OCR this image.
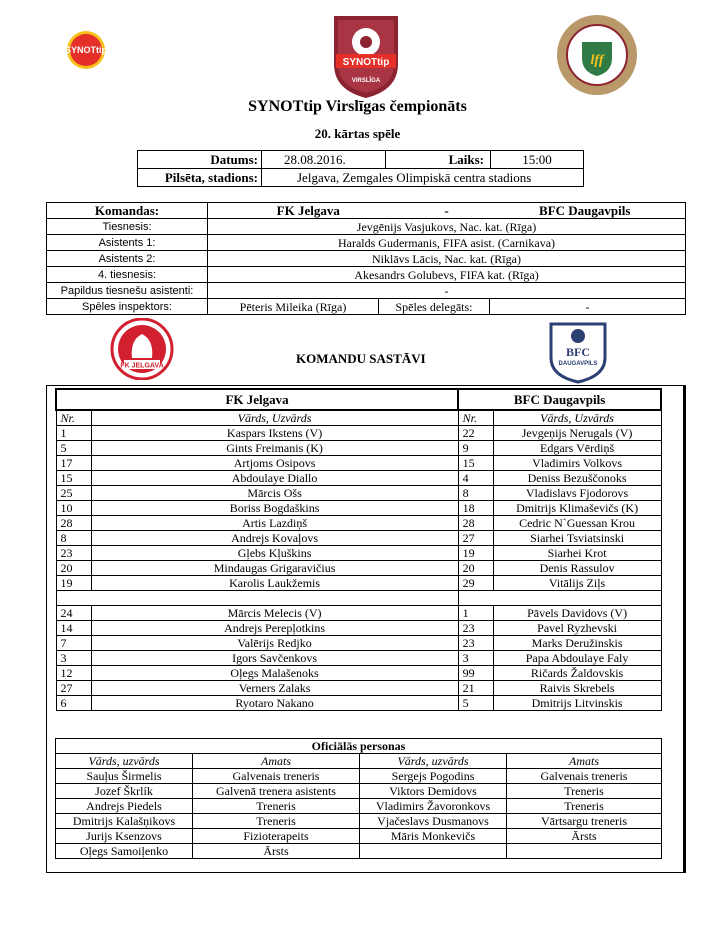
SYNOTtip
SYNOTtip
VIRSLĪGA
lff
SYNOTtip Virslīgas čempionāts
20. kārtas spēle
Datums:	28.08.2016.	Laiks:	15:00
Pilsēta, stadions:	Jelgava, Zemgales Olimpiskā centra stadions		
Komandas:	FK Jelgava - BFC Daugavpils		
Tiesnesis:	Jevgēnijs Vasjukovs, Nac. kat. (Rīga)		
Asistents 1:	Haralds Gudermanis, FIFA asist. (Carnikava)		
Asistents 2:	Niklāvs Lācis, Nac. kat. (Rīga)		
4. tiesnesis:	Akesandrs Golubevs, FIFA kat. (Rīga)		
Papildus tiesnešu asistenti:	-		
Spēles inspektors:	Pēteris Mileika (Rīga)	Spēles delegāts:	-
FK JELGAVA	KOMANDU SASTĀVI	BFC
DAUGAVPILS
FK Jelgava		BFC Daugavpils	
Nr.	Vārds, Uzvārds	Nr.	Vārds, Uzvārds
1	Kaspars Ikstens (V)	22	Jevgeņijs Nerugals (V)
5	Gints Freimanis (K)	9	Edgars Vērdiņš
17	Artjoms Osipovs	15	Vladimirs Volkovs
15	Abdoulaye Diallo	4	Deniss Bezuščonoks
25	Mārcis Ošs	8	Vladislavs Fjodorovs
10	Boriss Bogdaškins	18	Dmitrijs Klimaševičs (K)
28	Artis Lazdiņš	28	Cedric N`Guessan Krou
8	Andrejs Kovaļovs	27	Siarhei Tsviatsinski
23	Gļebs Kļuškins	19	Siarhei Krot
20	Mindaugas Grigaravičius	20	Denis Rassulov
19	Karolis Laukžemis	29	Vitālijs Ziļs

24	Mārcis Melecis (V)	1	Pāvels Davidovs (V)
14	Andrejs Perepļotkins	23	Pavel Ryzhevski
7	Valērijs Redjko	23	Marks Deružinskis
3	Igors Savčenkovs	3	Papa Abdoulaye Faly
12	Oļegs Malašenoks	99	Ričards Žaldovskis
27	Verners Zalaks	21	Raivis Skrebels
6	Ryotaro Nakano	5	Dmitrijs Litvinskis
Oficiālās personas			
Vārds, uzvārds	Amats	Vārds, uzvārds	Amats
Sauļus Širmelis	Galvenais treneris	Sergejs Pogodins	Galvenais treneris
Jozef Škrlík	Galvenā trenera asistents	Viktors Demidovs	Treneris
Andrejs Piedels	Treneris	Vladimirs Žavoronkovs	Treneris
Dmitrijs Kalašņikovs	Treneris	Vjačeslavs Dusmanovs	Vārtsargu treneris
Jurijs Ksenzovs	Fizioterapeits	Māris Monkevičs	Ārsts
Oļegs Samoiļenko	Ārsts		
